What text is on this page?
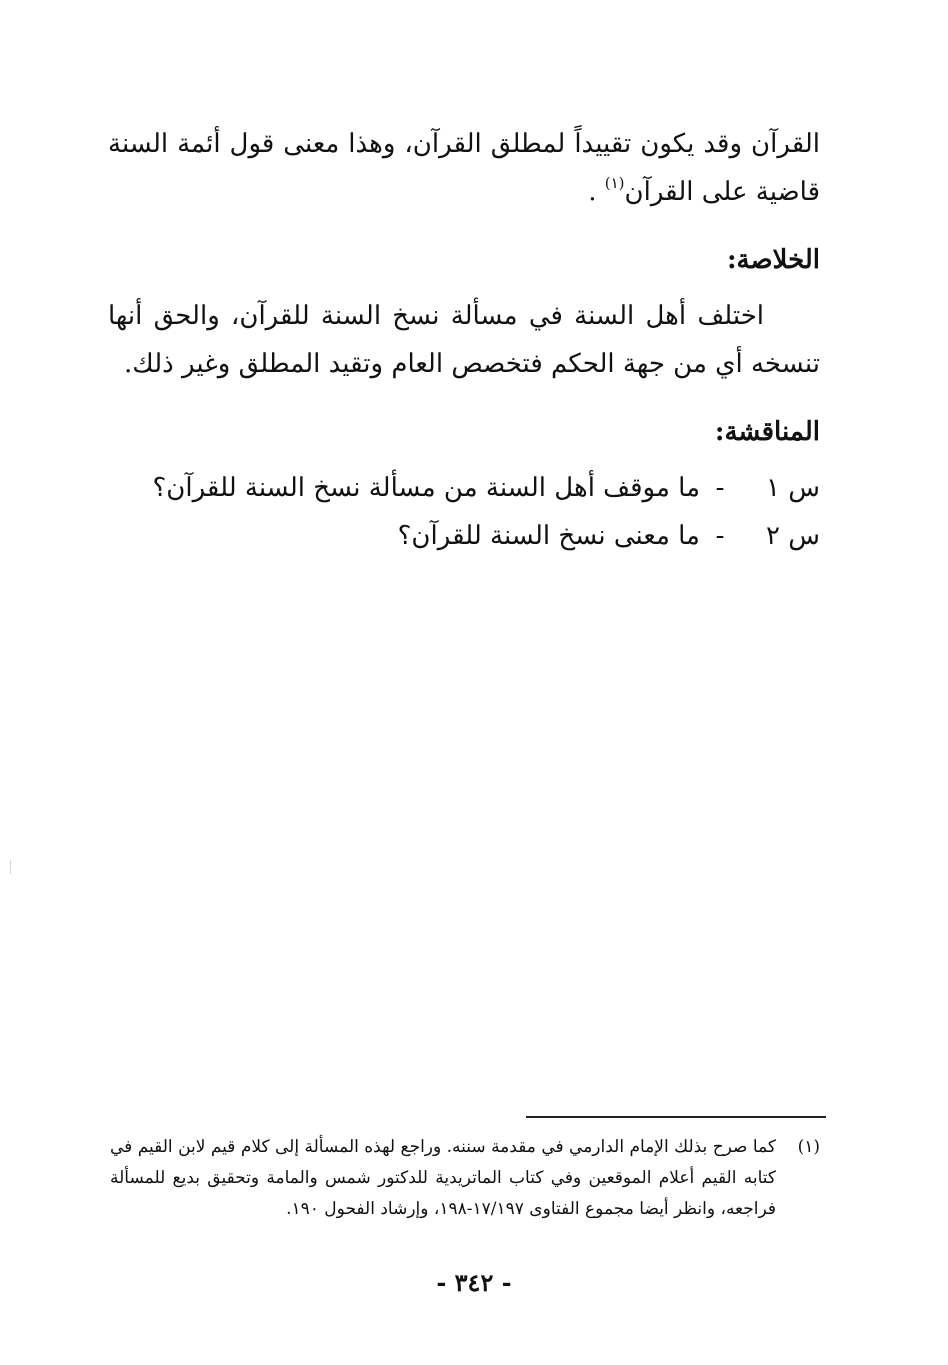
القرآن وقد يكون تقييداً لمطلق القرآن، وهذا معنى قول أئمة السنة قاضية على القرآن$^{(١)}$ .
الخلاصة:
اختلف أهل السنة في مسألة نسخ السنة للقرآن، والحق أنها تنسخه أي من جهة الحكم فتخصص العام وتقيد المطلق وغير ذلك.
المناقشة:
س ١
-
ما موقف أهل السنة من مسألة نسخ السنة للقرآن؟
س ٢
-
ما معنى نسخ السنة للقرآن؟
(١)
كما صرح بذلك الإمام الدارمي في مقدمة سننه. وراجع لهذه المسألة إلى كلام قيم لابن القيم في كتابه القيم أعلام الموقعين وفي كتاب الماتريدية للدكتور شمس والمامة وتحقيق بديع للمسألة فراجعه، وانظر أيضا مجموع الفتاوى ١٧/١٩٧-١٩٨، وإرشاد الفحول ١٩٠.
- ٣٤٢ -
